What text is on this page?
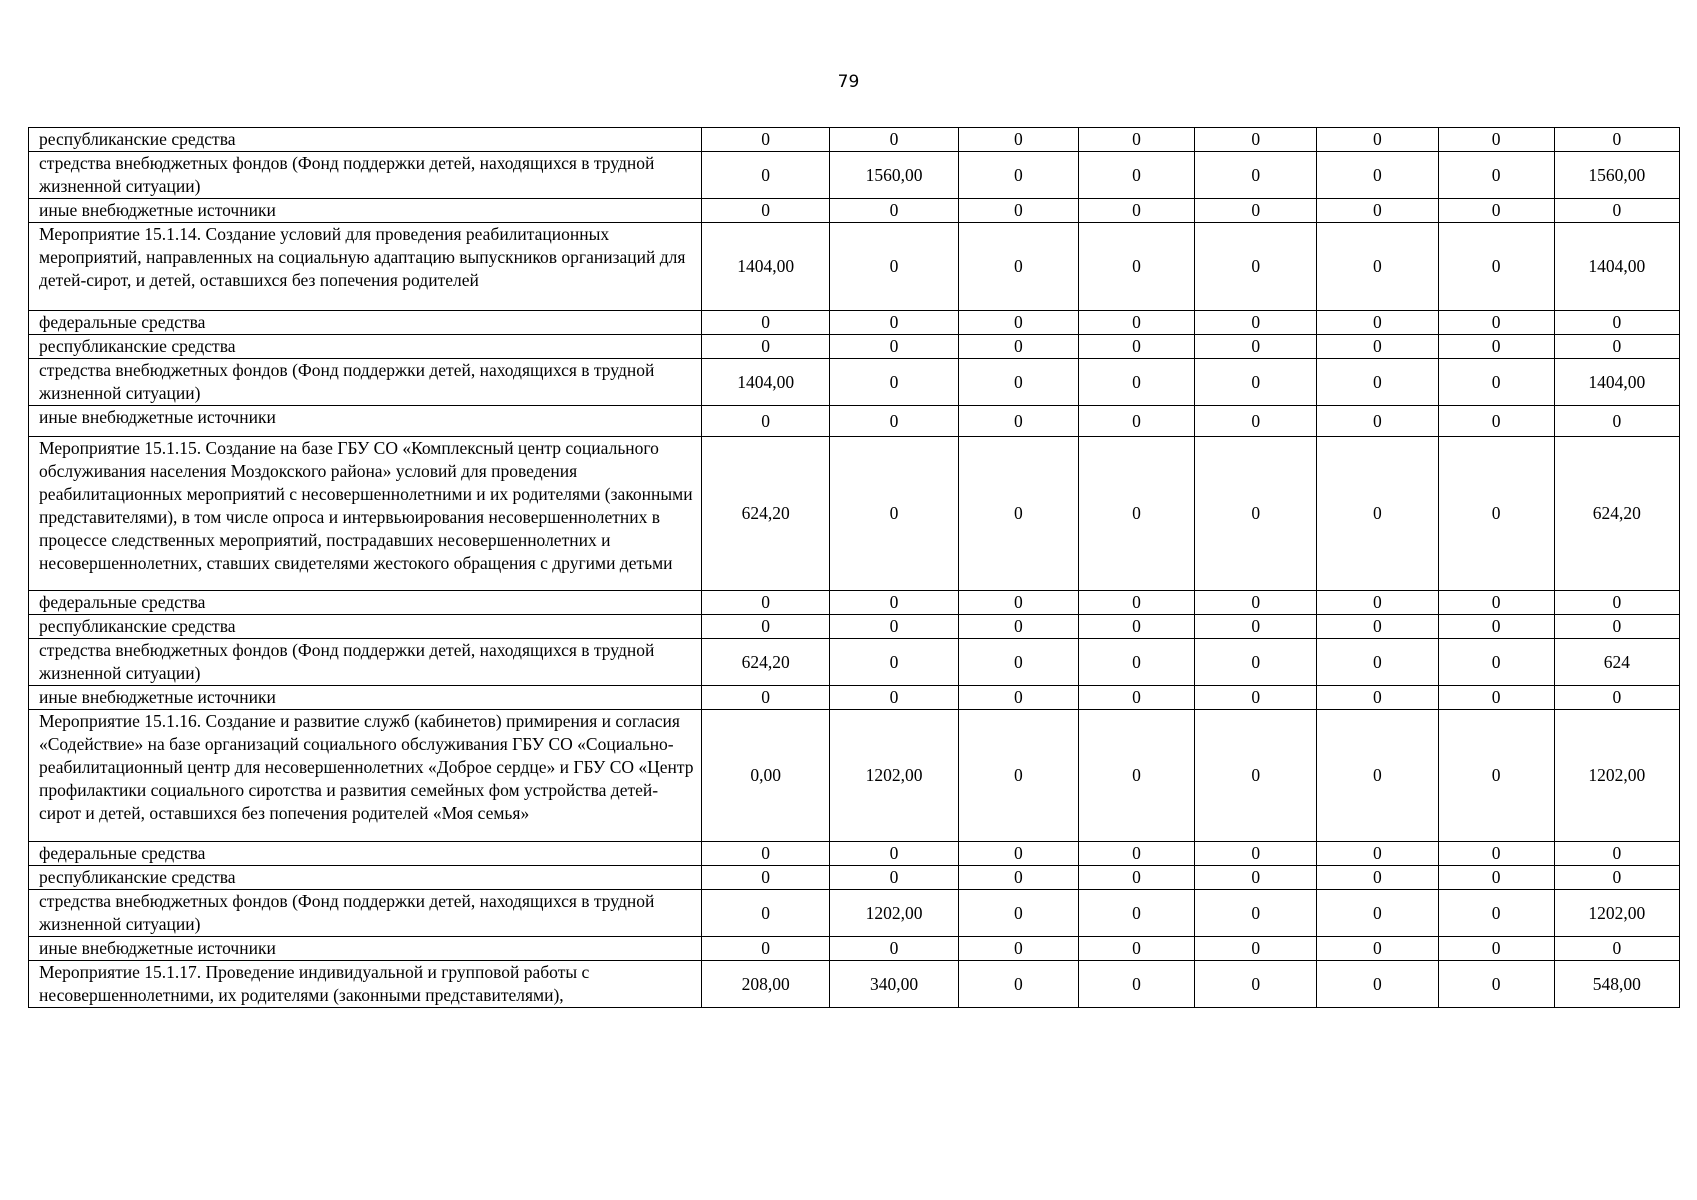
79
республиканские средства	0	0	0	0	0	0	0	0
стредства внебюджетных фондов (Фонд поддержки детей, находящихся в трудной жизненной ситуации)	0	1560,00	0	0	0	0	0	1560,00
иные внебюджетные источники	0	0	0	0	0	0	0	0
Мероприятие 15.1.14. Создание условий для проведения реабилитационных мероприятий, направленных на социальную адаптацию выпускников организаций для детей-сирот, и детей, оставшихся без попечения родителей	1404,00	0	0	0	0	0	0	1404,00
федеральные средства	0	0	0	0	0	0	0	0
республиканские средства	0	0	0	0	0	0	0	0
стредства внебюджетных фондов (Фонд поддержки детей, находящихся в трудной жизненной ситуации)	1404,00	0	0	0	0	0	0	1404,00
иные внебюджетные источники	0	0	0	0	0	0	0	0
Мероприятие 15.1.15. Создание на базе ГБУ СО «Комплексный центр социального обслуживания населения Моздокского района» условий для проведения реабилитационных мероприятий с несовершеннолетними и их родителями (законными представителями), в том числе опроса и интервьюирования несовершеннолетних в процессе следственных мероприятий, пострадавших несовершеннолетних и несовершеннолетних, ставших свидетелями жестокого обращения с другими детьми	624,20	0	0	0	0	0	0	624,20
федеральные средства	0	0	0	0	0	0	0	0
республиканские средства	0	0	0	0	0	0	0	0
стредства внебюджетных фондов (Фонд поддержки детей, находящихся в трудной жизненной ситуации)	624,20	0	0	0	0	0	0	624
иные внебюджетные источники	0	0	0	0	0	0	0	0
Мероприятие 15.1.16. Создание и развитие служб (кабинетов) примирения и согласия «Содействие» на базе организаций социального обслуживания ГБУ СО «Социально-реабилитационный центр для несовершеннолетних «Доброе сердце» и ГБУ СО «Центр профилактики социального сиротства и развития семейных фом устройства детей-сирот и детей, оставшихся без попечения родителей «Моя семья»	0,00	1202,00	0	0	0	0	0	1202,00
федеральные средства	0	0	0	0	0	0	0	0
республиканские средства	0	0	0	0	0	0	0	0
стредства внебюджетных фондов (Фонд поддержки детей, находящихся в трудной жизненной ситуации)	0	1202,00	0	0	0	0	0	1202,00
иные внебюджетные источники	0	0	0	0	0	0	0	0
Мероприятие 15.1.17. Проведение индивидуальной и групповой работы с несовершеннолетними, их родителями (законными представителями),	208,00	340,00	0	0	0	0	0	548,00
